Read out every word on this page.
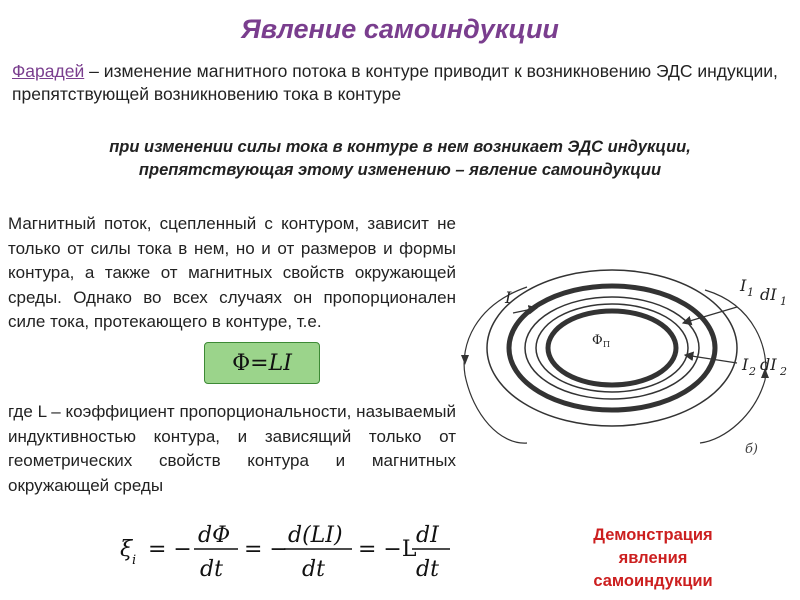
Явление самоиндукции
Фарадей – изменение магнитного потока в контуре приводит к возникновению ЭДС индукции, препятствующей возникновению тока в контуре
при изменении силы тока в контуре в нем возникает ЭДС индукции,
препятствующая этому изменению – явление самоиндукции
Магнитный поток, сцепленный с контуром, зависит не только от силы тока в нем, но и от размеров и формы контура, а также от магнитных свойств окружающей среды. Однако во всех случаях он пропорционален силе тока, протекающего в контуре, т.е.
Φ = LI
где L – коэффициент пропорциональности, называемый индуктивностью контура, и зависящий только от геометрических свойств контура и магнитных окружающей среды
I
I 1 dI 1
I 2 dI 2
Φ П
б)
ξ i = −
dΦ
dt
= −
d(LI)
dt
= −L
dI
dt
Демонстрация
явления
самоиндукции
